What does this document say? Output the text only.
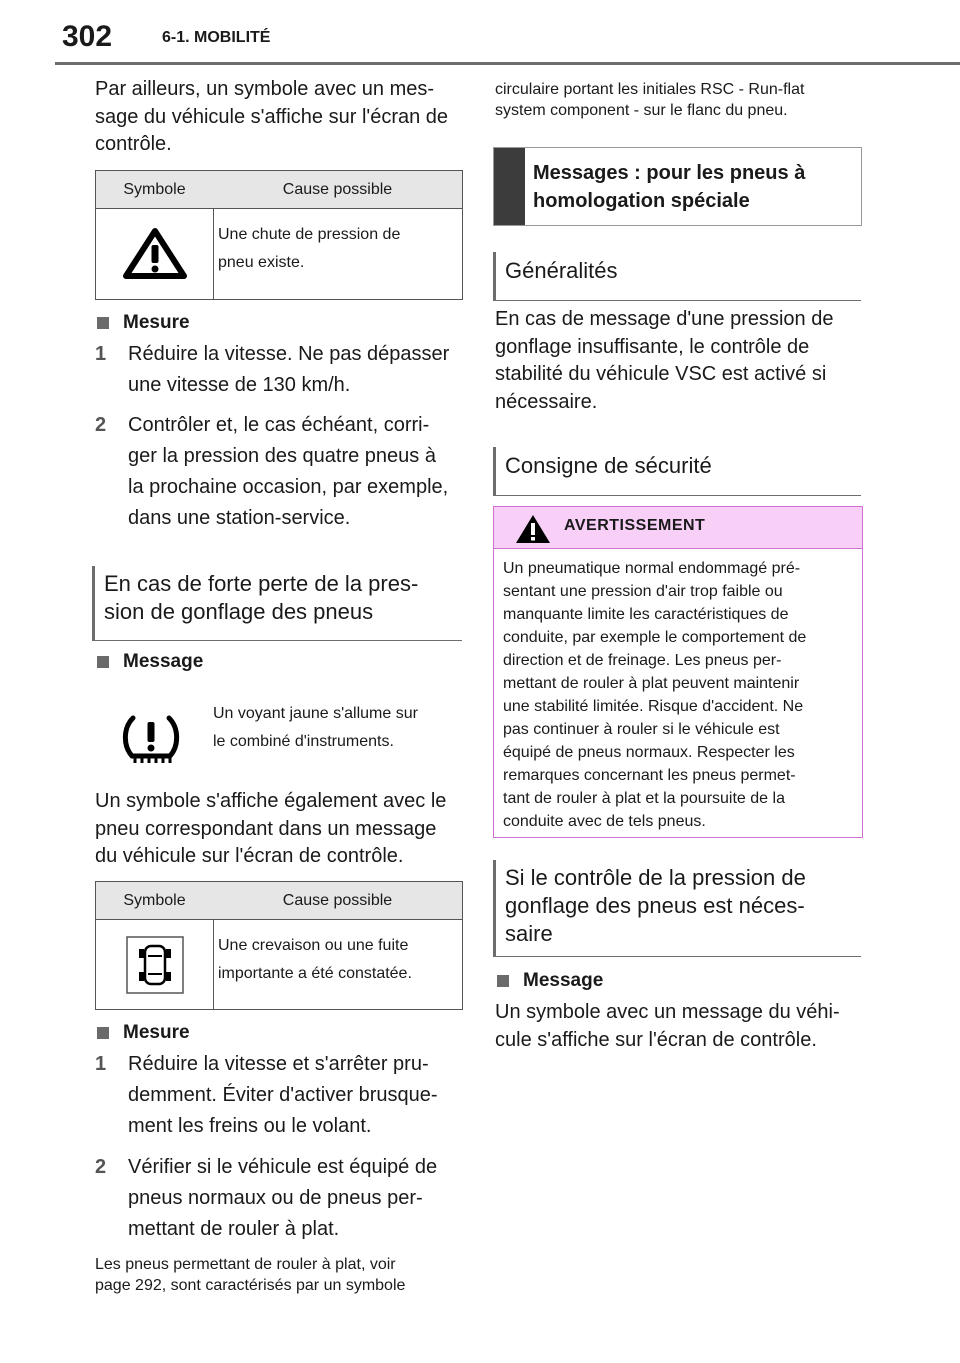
302	6-1. MOBILITÉ
Par ailleurs, un symbole avec un mes-
sage du véhicule s'affiche sur l'écran de
contrôle.
Symbole	Cause possible
Une chute de pression de
pneu existe.
Mesure
1 Réduire la vitesse. Ne pas dépasser
une vitesse de 130 km/h.
2 Contrôler et, le cas échéant, corri-
ger la pression des quatre pneus à
la prochaine occasion, par exemple,
dans une station-service.
En cas de forte perte de la pres-
sion de gonflage des pneus
Message
Un voyant jaune s'allume sur
le combiné d'instruments.
Un symbole s'affiche également avec le
pneu correspondant dans un message
du véhicule sur l'écran de contrôle.
Symbole	Cause possible
Une crevaison ou une fuite
importante a été constatée.
Mesure
1 Réduire la vitesse et s'arrêter pru-
demment. Éviter d'activer brusque-
ment les freins ou le volant.
2 Vérifier si le véhicule est équipé de
pneus normaux ou de pneus per-
mettant de rouler à plat.
Les pneus permettant de rouler à plat, voir
page 292, sont caractérisés par un symbole
circulaire portant les initiales RSC - Run-flat
system component - sur le flanc du pneu.
Messages : pour les pneus à
homologation spéciale
Généralités
En cas de message d'une pression de
gonflage insuffisante, le contrôle de
stabilité du véhicule VSC est activé si
nécessaire.
Consigne de sécurité
AVERTISSEMENT
Un pneumatique normal endommagé pré-
sentant une pression d'air trop faible ou
manquante limite les caractéristiques de
conduite, par exemple le comportement de
direction et de freinage. Les pneus per-
mettant de rouler à plat peuvent maintenir
une stabilité limitée. Risque d'accident. Ne
pas continuer à rouler si le véhicule est
équipé de pneus normaux. Respecter les
remarques concernant les pneus permet-
tant de rouler à plat et la poursuite de la
conduite avec de tels pneus.
Si le contrôle de la pression de
gonflage des pneus est néces-
saire
Message
Un symbole avec un message du véhi-
cule s'affiche sur l'écran de contrôle.
